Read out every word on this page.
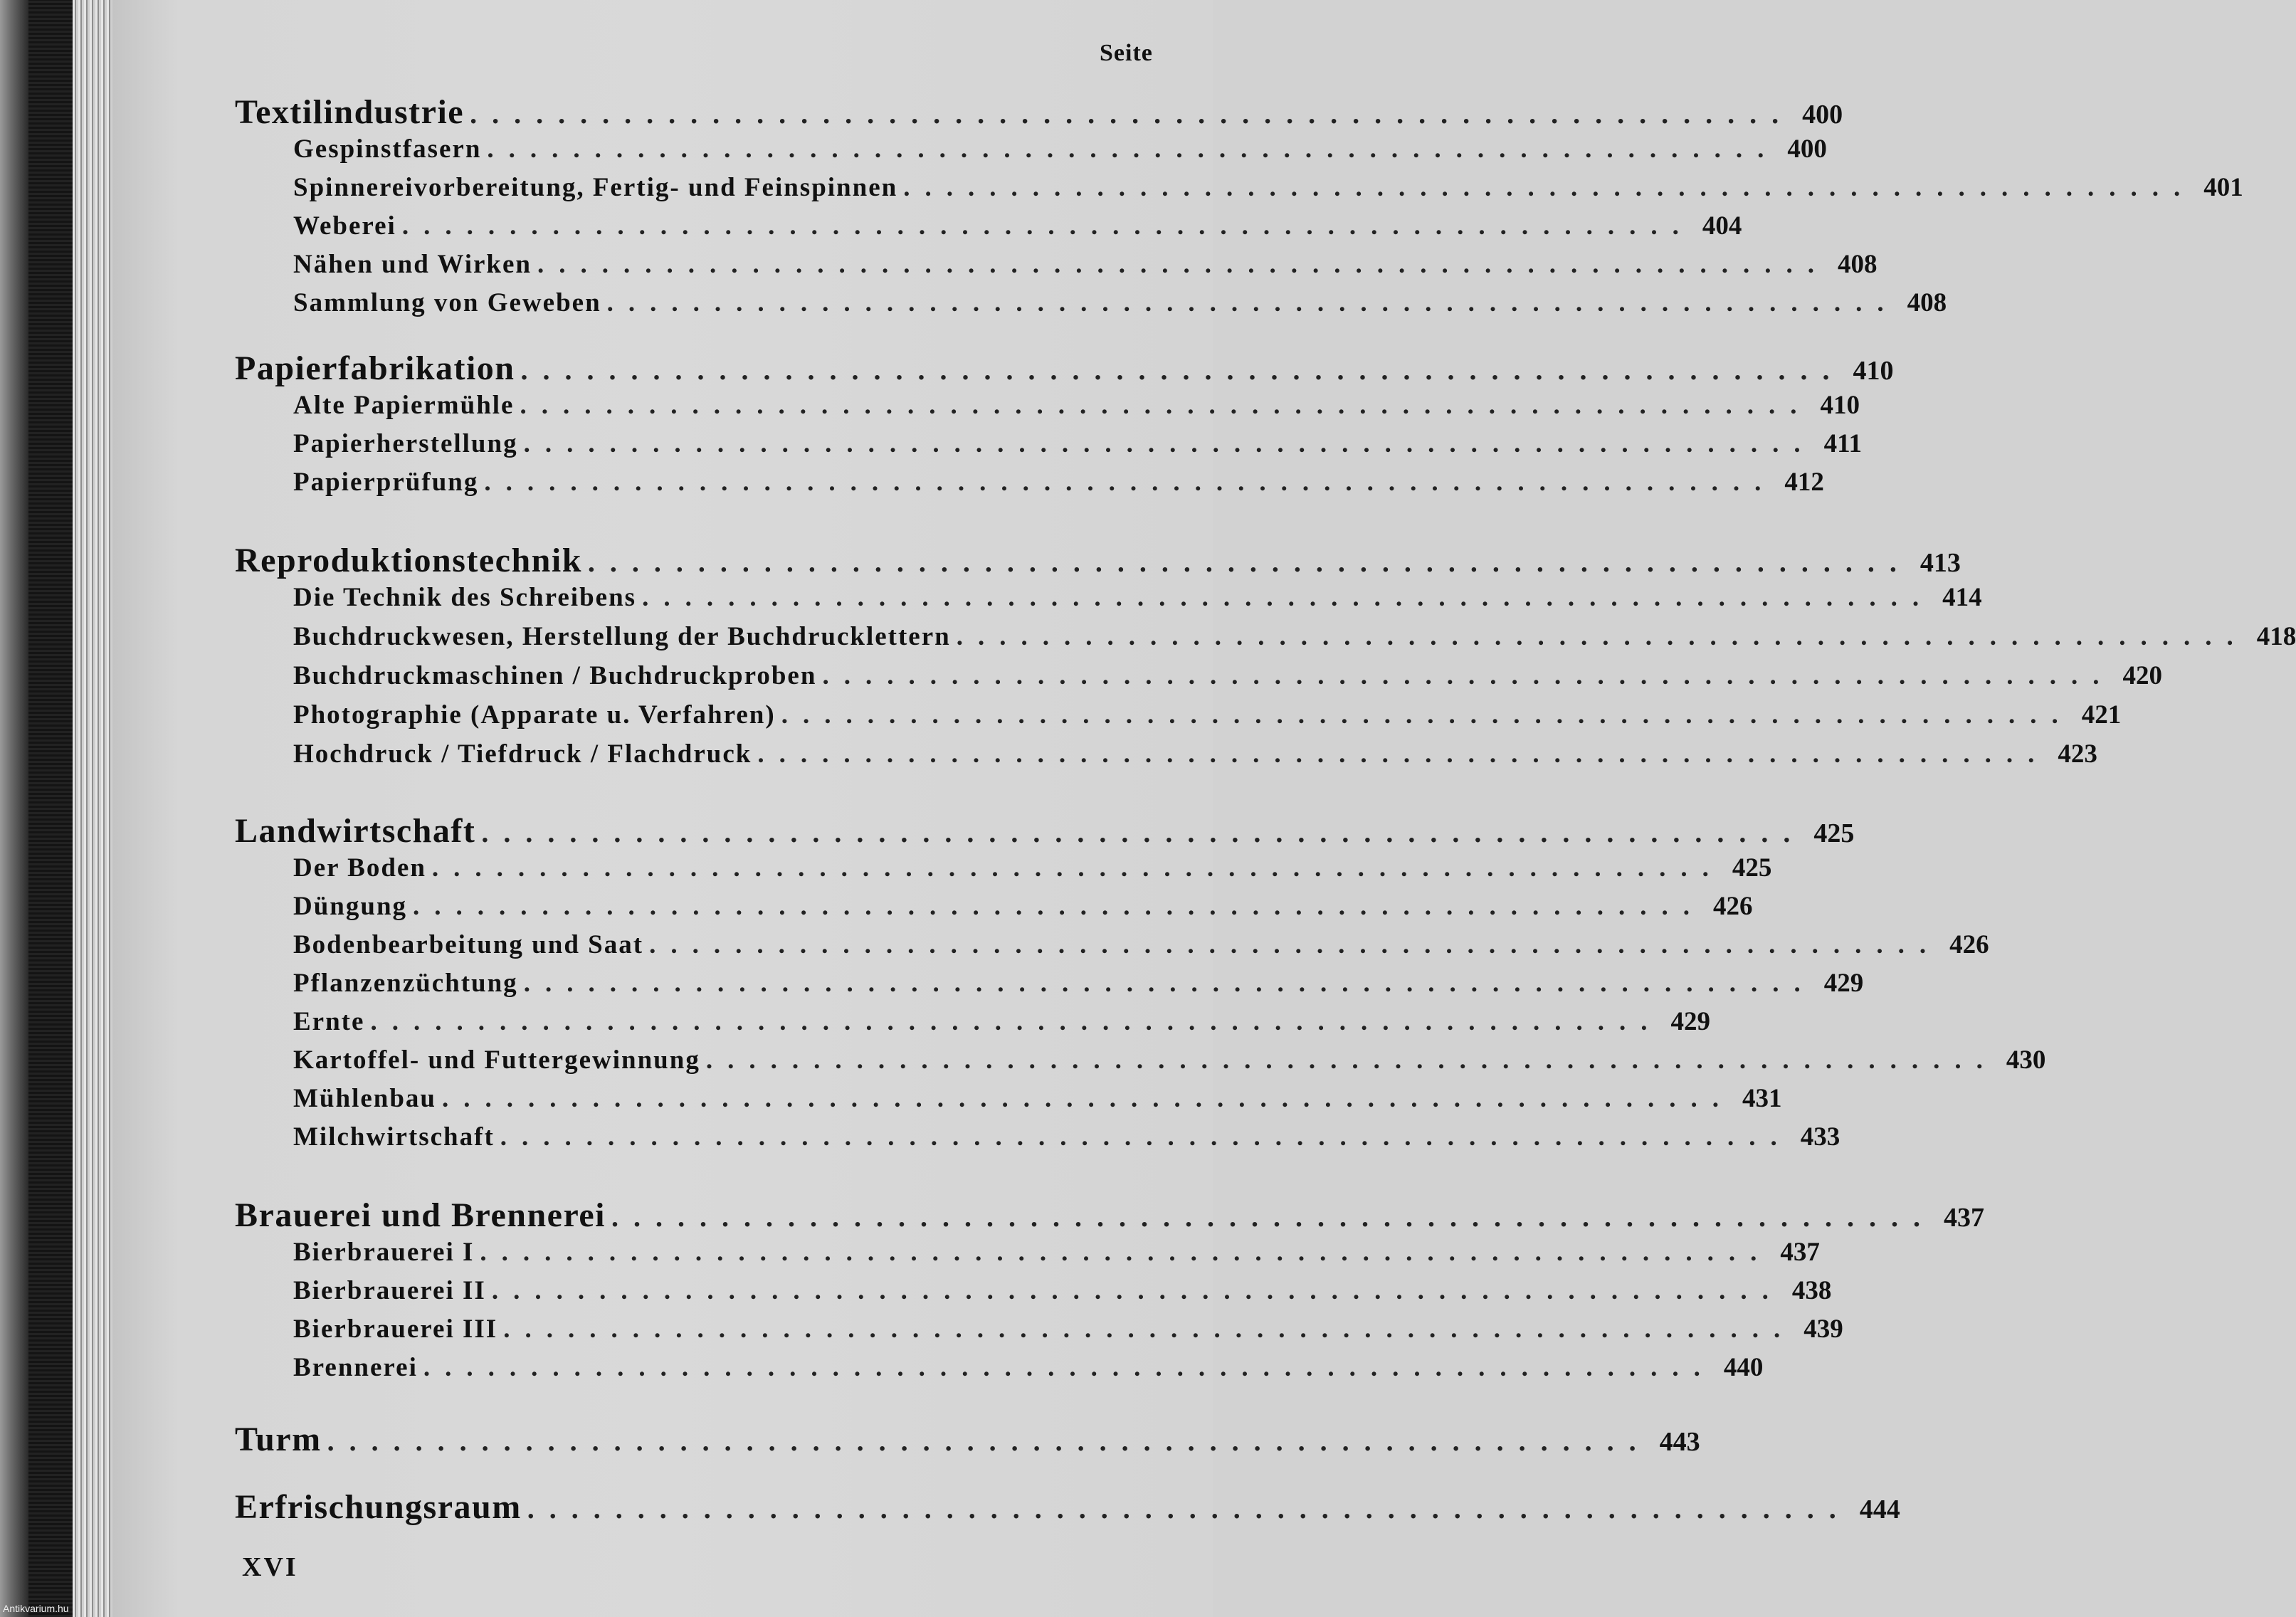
Seite
Textilindustrie ............................................................ 400
Gespinstfasern ............................................................ 400
Spinnereivorbereitung, Fertig- und Feinspinnen ............................................................ 401
Weberei ............................................................ 404
Nähen und Wirken ............................................................ 408
Sammlung von Geweben ............................................................ 408
Papierfabrikation ............................................................ 410
Alte Papiermühle ............................................................ 410
Papierherstellung ............................................................ 411
Papierprüfung ............................................................ 412
Reproduktionstechnik ............................................................ 413
Die Technik des Schreibens ............................................................ 414
Buchdruckwesen, Herstellung der Buchdrucklettern ............................................................ 418
Buchdruckmaschinen / Buchdruckproben ............................................................ 420
Photographie (Apparate u. Verfahren) ............................................................ 421
Hochdruck / Tiefdruck / Flachdruck ............................................................ 423
Landwirtschaft ............................................................ 425
Der Boden ............................................................ 425
Düngung ............................................................ 426
Bodenbearbeitung und Saat ............................................................ 426
Pflanzenzüchtung ............................................................ 429
Ernte ............................................................ 429
Kartoffel- und Futtergewinnung ............................................................ 430
Mühlenbau ............................................................ 431
Milchwirtschaft ............................................................ 433
Brauerei und Brennerei ............................................................ 437
Bierbrauerei I ............................................................ 437
Bierbrauerei II ............................................................ 438
Bierbrauerei III ............................................................ 439
Brennerei ............................................................ 440
Turm ............................................................ 443
Erfrischungsraum ............................................................ 444
XVI
Antikvarium.hu
